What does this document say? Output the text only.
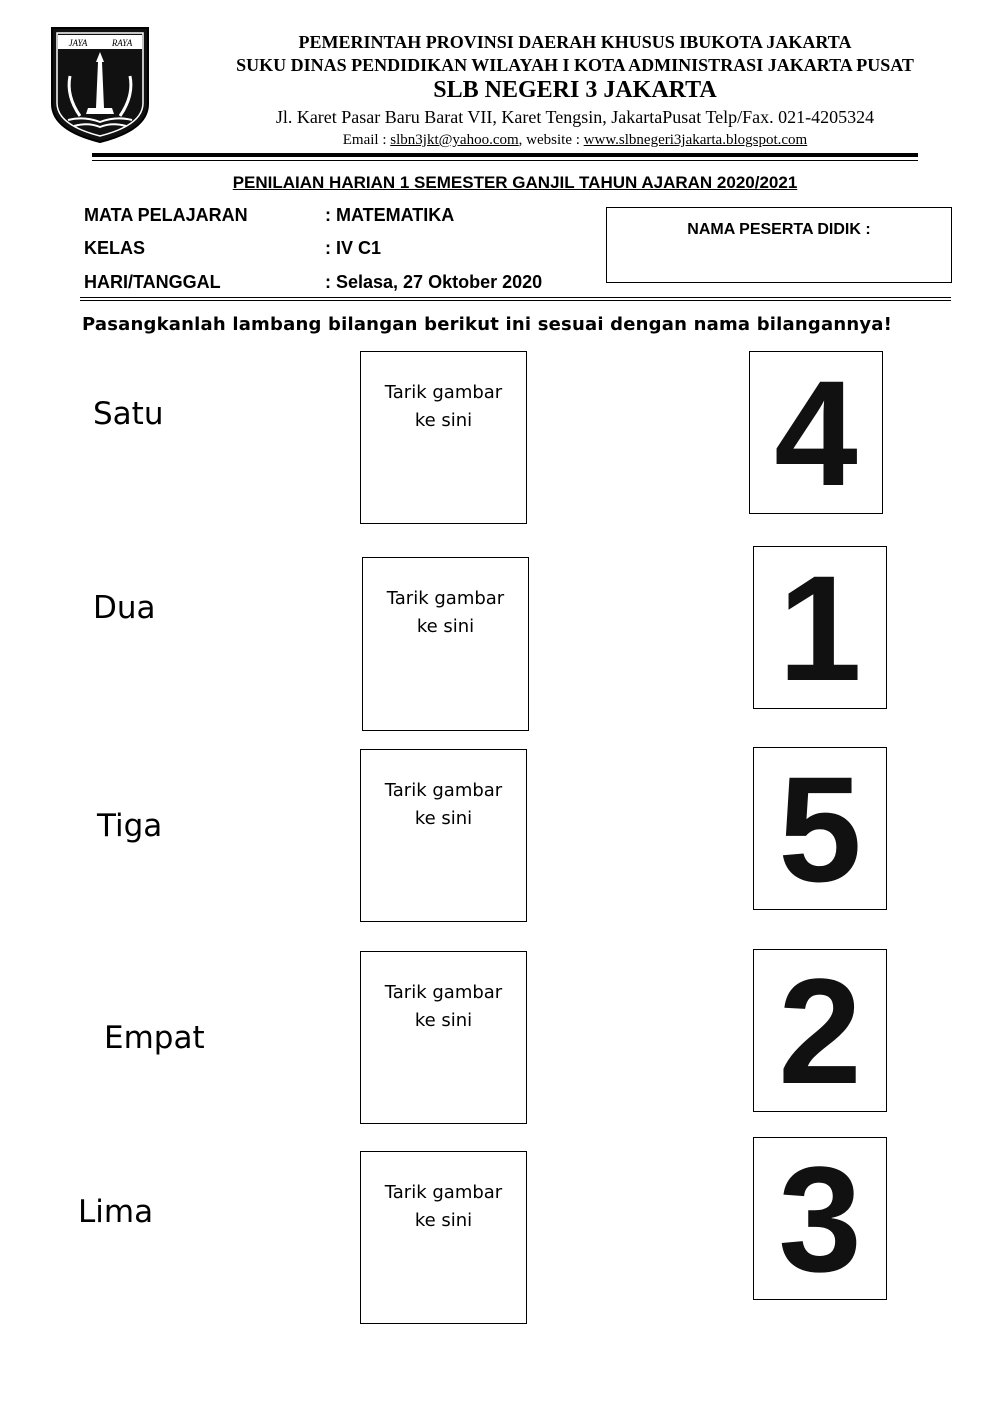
JAYA	RAYA	PEMERINTAH PROVINSI DAERAH KHUSUS IBUKOTA JAKARTA
SUKU DINAS PENDIDIKAN WILAYAH I KOTA ADMINISTRASI JAKARTA PUSAT
SLB NEGERI 3 JAKARTA
Jl. Karet Pasar Baru Barat VII, Karet Tengsin, JakartaPusat Telp/Fax. 021-4205324
Email : slbn3jkt@yahoo.com, website : www.slbnegeri3jakarta.blogspot.com
PENILAIAN HARIAN 1 SEMESTER GANJIL TAHUN AJARAN 2020/2021
MATA PELAJARAN	: MATEMATIKA
KELAS	: IV C1
HARI/TANGGAL	: Selasa, 27 Oktober 2020
NAMA PESERTA DIDIK :
Pasangkanlah lambang bilangan berikut ini sesuai dengan nama bilangannya!
Satu
Dua
Tiga
Empat
Lima
Tarik gambar
ke sini
Tarik gambar
ke sini
Tarik gambar
ke sini
Tarik gambar
ke sini
Tarik gambar
ke sini
4
1
5
2
3
